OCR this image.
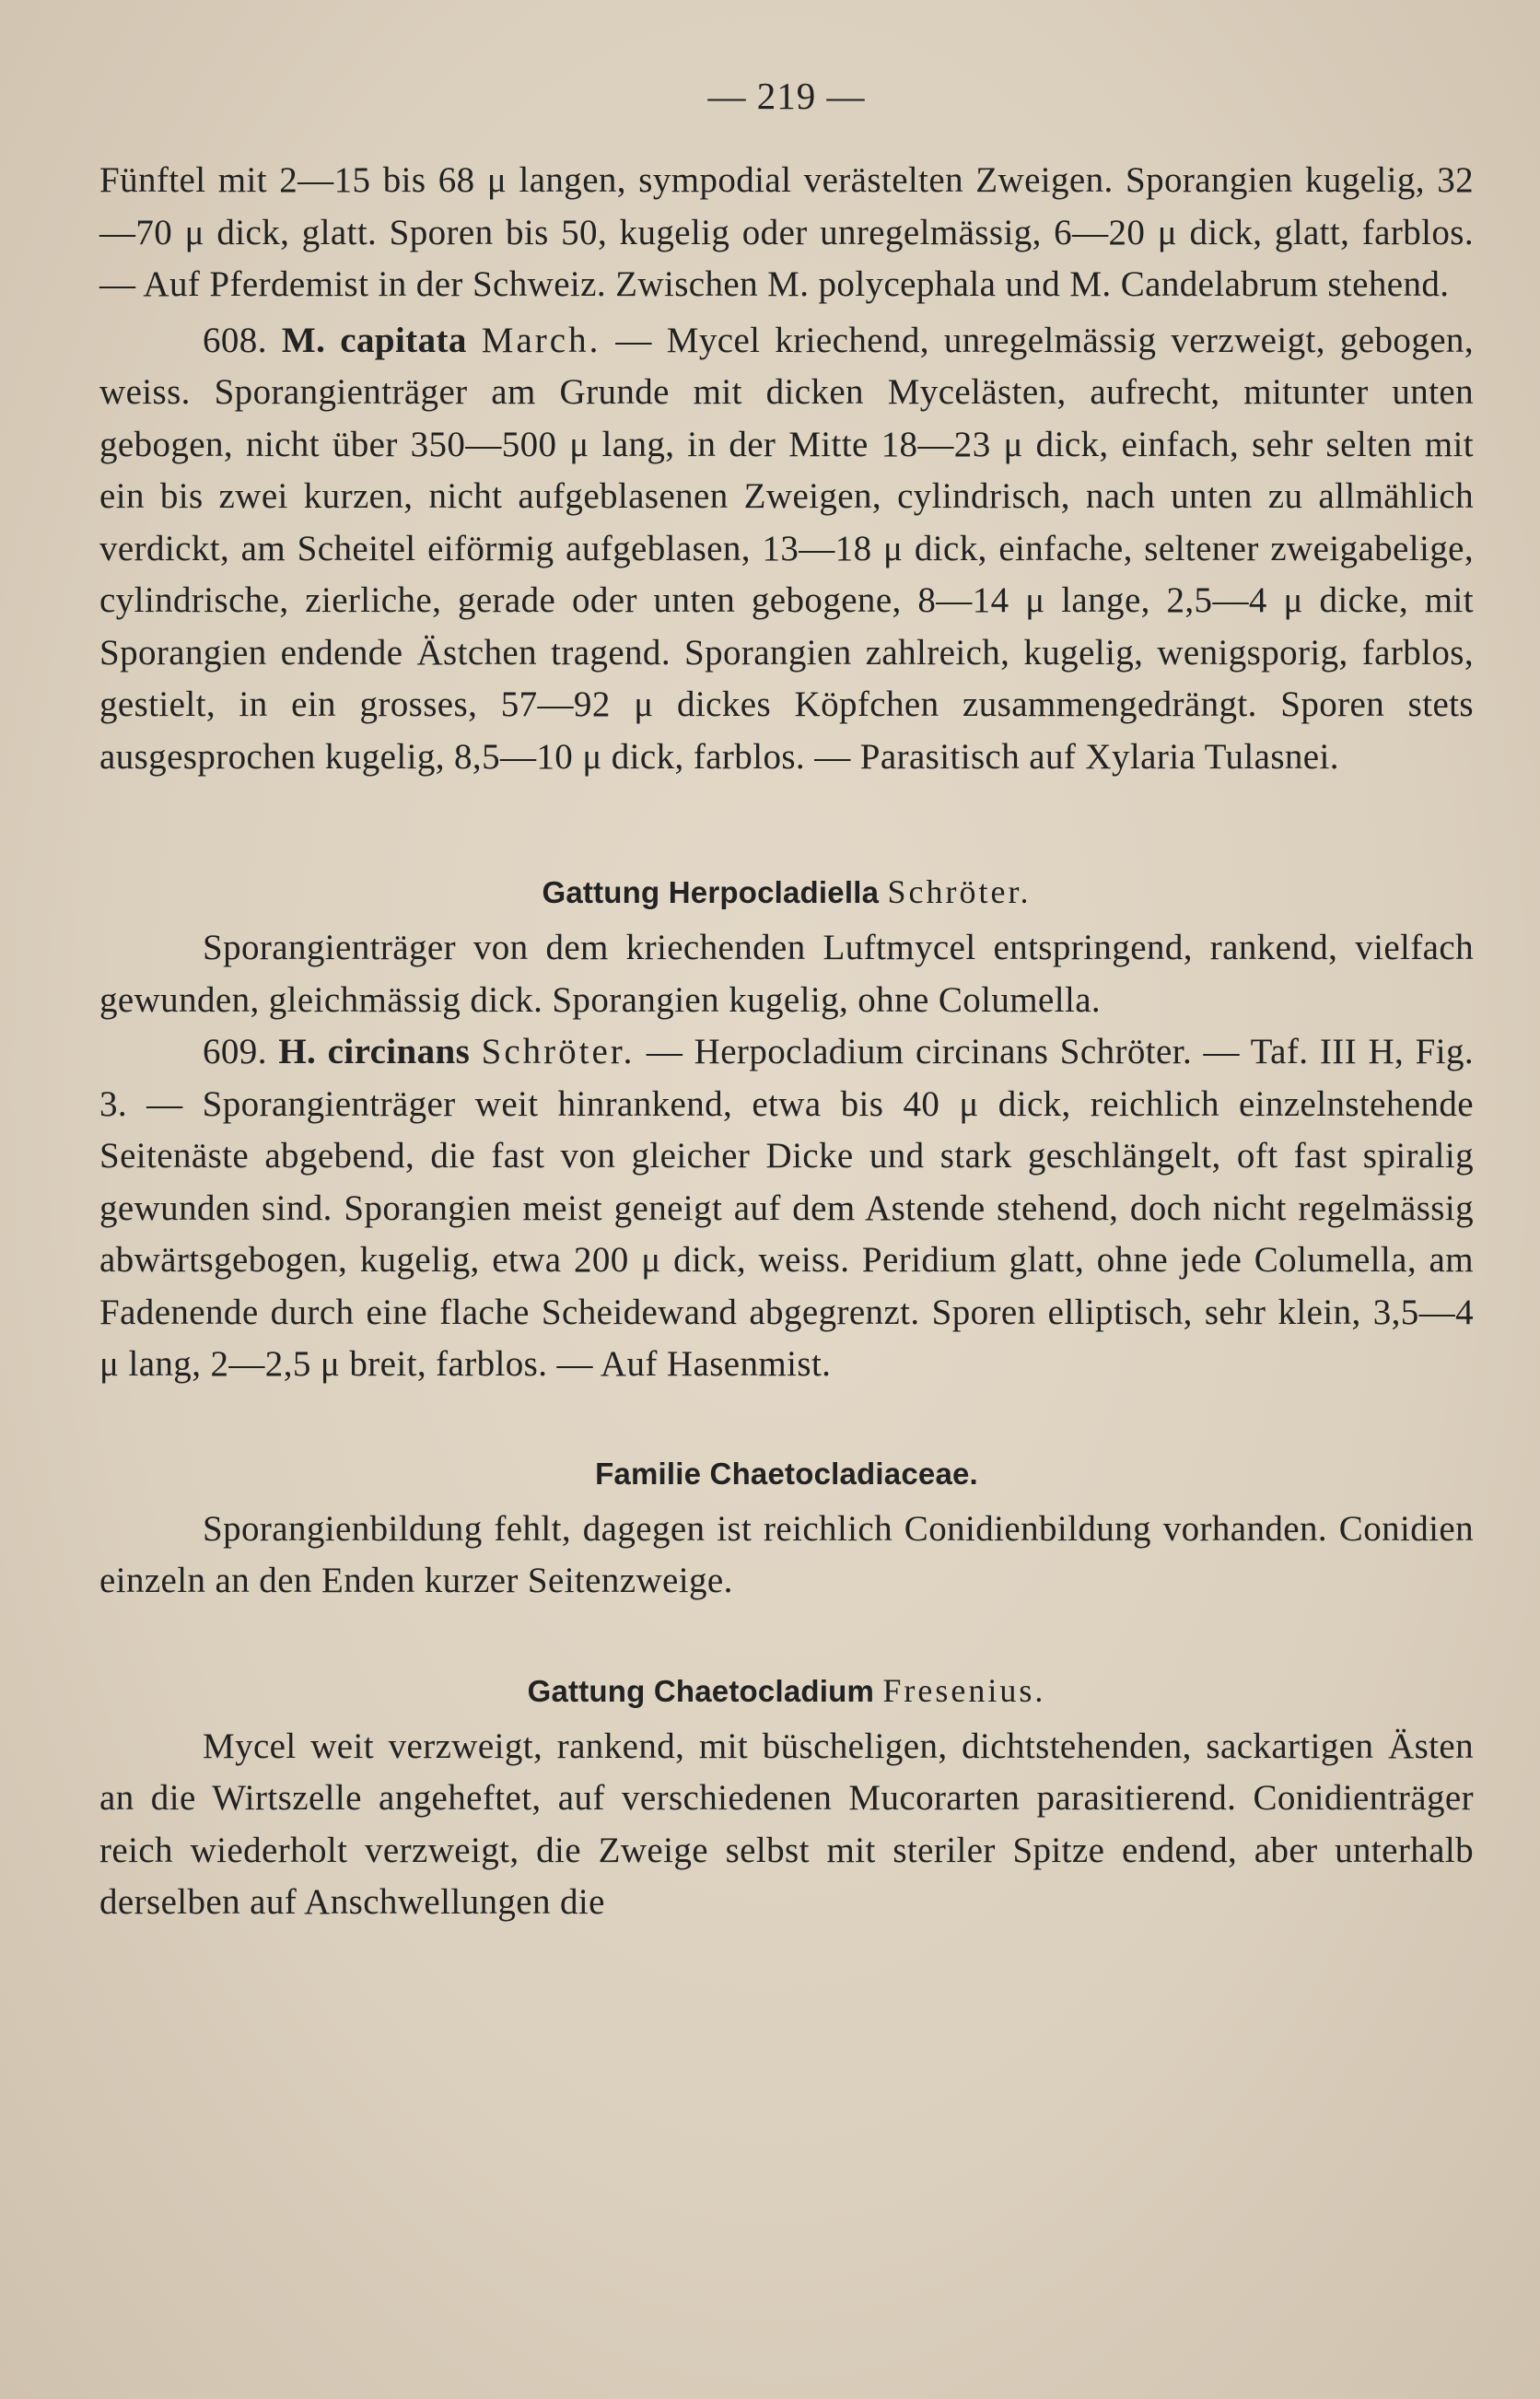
— 219 —

Fünftel mit 2—15 bis 68 μ langen, sympodial verästelten Zweigen. Sporangien kugelig, 32—70 μ dick, glatt. Sporen bis 50, kugelig oder unregelmässig, 6—20 μ dick, glatt, farblos. — Auf Pferdemist in der Schweiz. Zwischen M. polycephala und M. Candelabrum stehend.

608. M. capitata March. — Mycel kriechend, unregelmässig verzweigt, gebogen, weiss. Sporangienträger am Grunde mit dicken Mycelästen, aufrecht, mitunter unten gebogen, nicht über 350—500 μ lang, in der Mitte 18—23 μ dick, einfach, sehr selten mit ein bis zwei kurzen, nicht aufgeblasenen Zweigen, cylindrisch, nach unten zu allmählich verdickt, am Scheitel eiförmig aufgeblasen, 13—18 μ dick, einfache, seltener zweigabelige, cylindrische, zierliche, gerade oder unten gebogene, 8—14 μ lange, 2,5—4 μ dicke, mit Sporangien endende Ästchen tragend. Sporangien zahlreich, kugelig, wenigsporig, farblos, gestielt, in ein grosses, 57—92 μ dickes Köpfchen zusammengedrängt. Sporen stets ausgesprochen kugelig, 8,5—10 μ dick, farblos. — Parasitisch auf Xylaria Tulasnei.

Gattung Herpocladiella Schröter.

Sporangienträger von dem kriechenden Luftmycel entspringend, rankend, vielfach gewunden, gleichmässig dick. Sporangien kugelig, ohne Columella.

609. H. circinans Schröter. — Herpocladium circinans Schröter. — Taf. III H, Fig. 3. — Sporangienträger weit hinrankend, etwa bis 40 μ dick, reichlich einzelnstehende Seitenäste abgebend, die fast von gleicher Dicke und stark geschlängelt, oft fast spiralig gewunden sind. Sporangien meist geneigt auf dem Astende stehend, doch nicht regelmässig abwärtsgebogen, kugelig, etwa 200 μ dick, weiss. Peridium glatt, ohne jede Columella, am Fadenende durch eine flache Scheidewand abgegrenzt. Sporen elliptisch, sehr klein, 3,5—4 μ lang, 2—2,5 μ breit, farblos. — Auf Hasenmist.

Familie Chaetocladiaceae.

Sporangienbildung fehlt, dagegen ist reichlich Conidienbildung vorhanden. Conidien einzeln an den Enden kurzer Seitenzweige.

Gattung Chaetocladium Fresenius.

Mycel weit verzweigt, rankend, mit büscheligen, dichtstehenden, sackartigen Ästen an die Wirtszelle angeheftet, auf verschiedenen Mucorarten parasitierend. Conidienträger reich wiederholt verzweigt, die Zweige selbst mit steriler Spitze endend, aber unterhalb derselben auf Anschwellungen die
